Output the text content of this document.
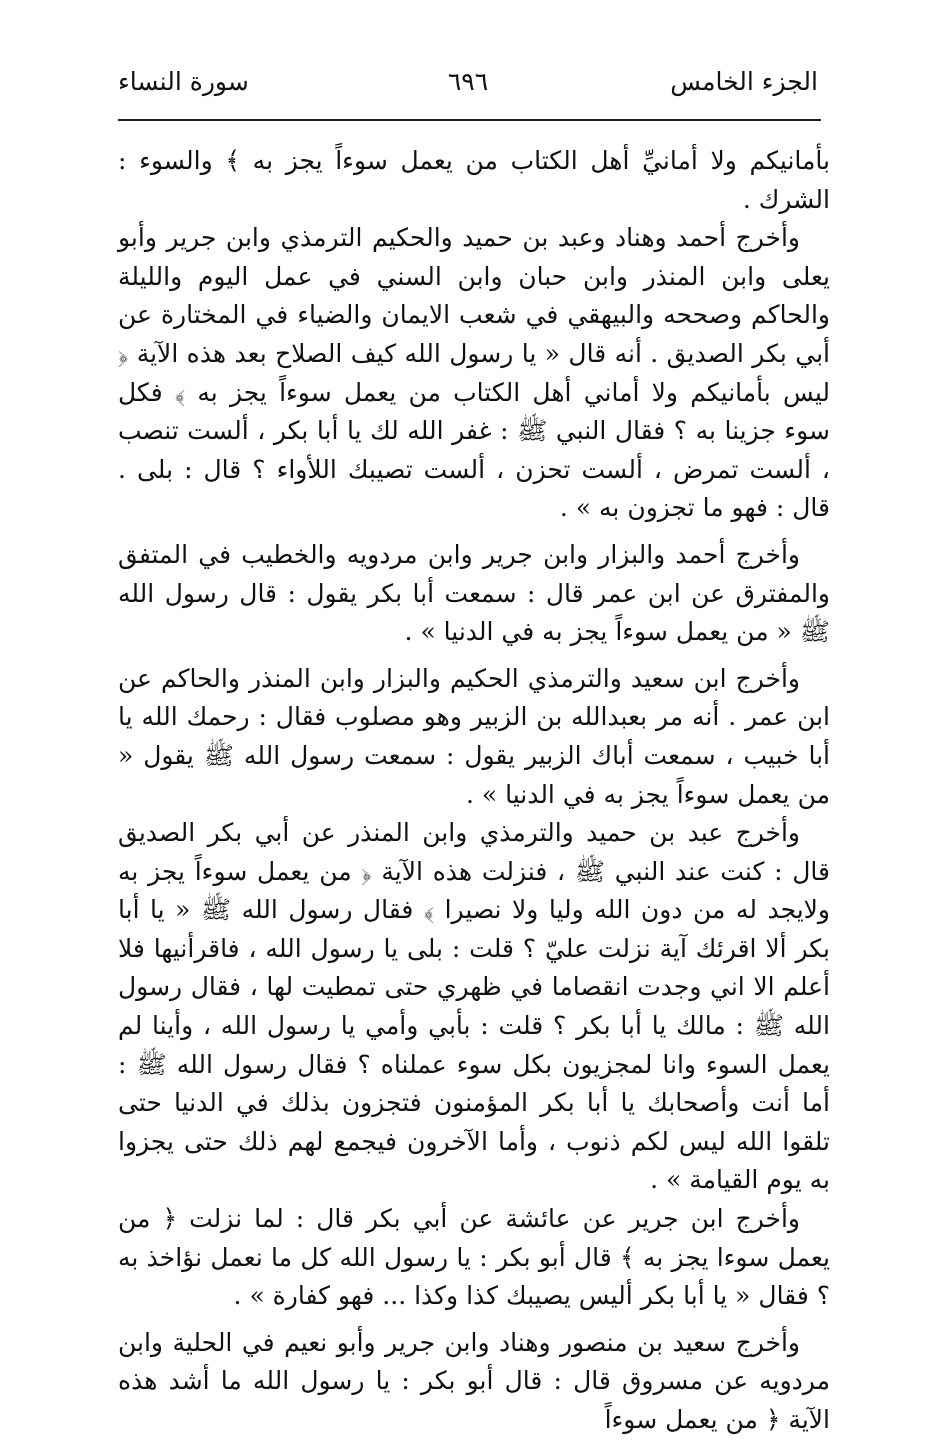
الجزء الخامس
٦٩٦
سورة النساء

بأمانيكم ولا أمانيِّ أهل الكتاب من يعمل سوءاً يجز به ﴾ والسوء : الشرك .

وأخرج أحمد وهناد وعبد بن حميد والحكيم الترمذي وابن جرير وأبو يعلى وابن المنذر وابن حبان وابن السني في عمل اليوم والليلة والحاكم وصححه والبيهقي في شعب الايمان والضياء في المختارة عن أبي بكر الصديق . أنه قال « يا رسول الله كيف الصلاح بعد هذه الآية ﴿ ليس بأمانيكم ولا أماني أهل الكتاب من يعمل سوءاً يجز به ﴾ فكل سوء جزينا به ؟ فقال النبي ﷺ : غفر الله لك يا أبا بكر ، ألست تنصب ، ألست تمرض ، ألست تحزن ، ألست تصيبك اللأواء ؟ قال : بلى . قال : فهو ما تجزون به » .

وأخرج أحمد والبزار وابن جرير وابن مردويه والخطيب في المتفق والمفترق عن ابن عمر قال : سمعت أبا بكر يقول : قال رسول الله ﷺ « من يعمل سوءاً يجز به في الدنيا » .

وأخرج ابن سعيد والترمذي الحكيم والبزار وابن المنذر والحاكم عن ابن عمر . أنه مر بعبدالله بن الزبير وهو مصلوب فقال : رحمك الله يا أبا خبيب ، سمعت أباك الزبير يقول : سمعت رسول الله ﷺ يقول « من يعمل سوءاً يجز به في الدنيا » .

وأخرج عبد بن حميد والترمذي وابن المنذر عن أبي بكر الصديق قال : كنت عند النبي ﷺ ، فنزلت هذه الآية ﴿ من يعمل سوءاً يجز به ولايجد له من دون الله وليا ولا نصيرا ﴾ فقال رسول الله ﷺ « يا أبا بكر ألا اقرئك آية نزلت عليّ ؟ قلت : بلى يا رسول الله ، فاقرأنيها فلا أعلم الا اني وجدت انقصاما في ظهري حتى تمطيت لها ، فقال رسول الله ﷺ : مالك يا أبا بكر ؟ قلت : بأبي وأمي يا رسول الله ، وأينا لم يعمل السوء وانا لمجزيون بكل سوء عملناه ؟ فقال رسول الله ﷺ : أما أنت وأصحابك يا أبا بكر المؤمنون فتجزون بذلك في الدنيا حتى تلقوا الله ليس لكم ذنوب ، وأما الآخرون فيجمع لهم ذلك حتى يجزوا به يوم القيامة » .

وأخرج ابن جرير عن عائشة عن أبي بكر قال : لما نزلت ﴿ من يعمل سوءا يجز به ﴾ قال أبو بكر : يا رسول الله كل ما نعمل نؤاخذ به ؟ فقال « يا أبا بكر أليس يصيبك كذا وكذا ... فهو كفارة » .

وأخرج سعيد بن منصور وهناد وابن جرير وأبو نعيم في الحلية وابن مردويه عن مسروق قال : قال أبو بكر : يا رسول الله ما أشد هذه الآية ﴿ من يعمل سوءاً
